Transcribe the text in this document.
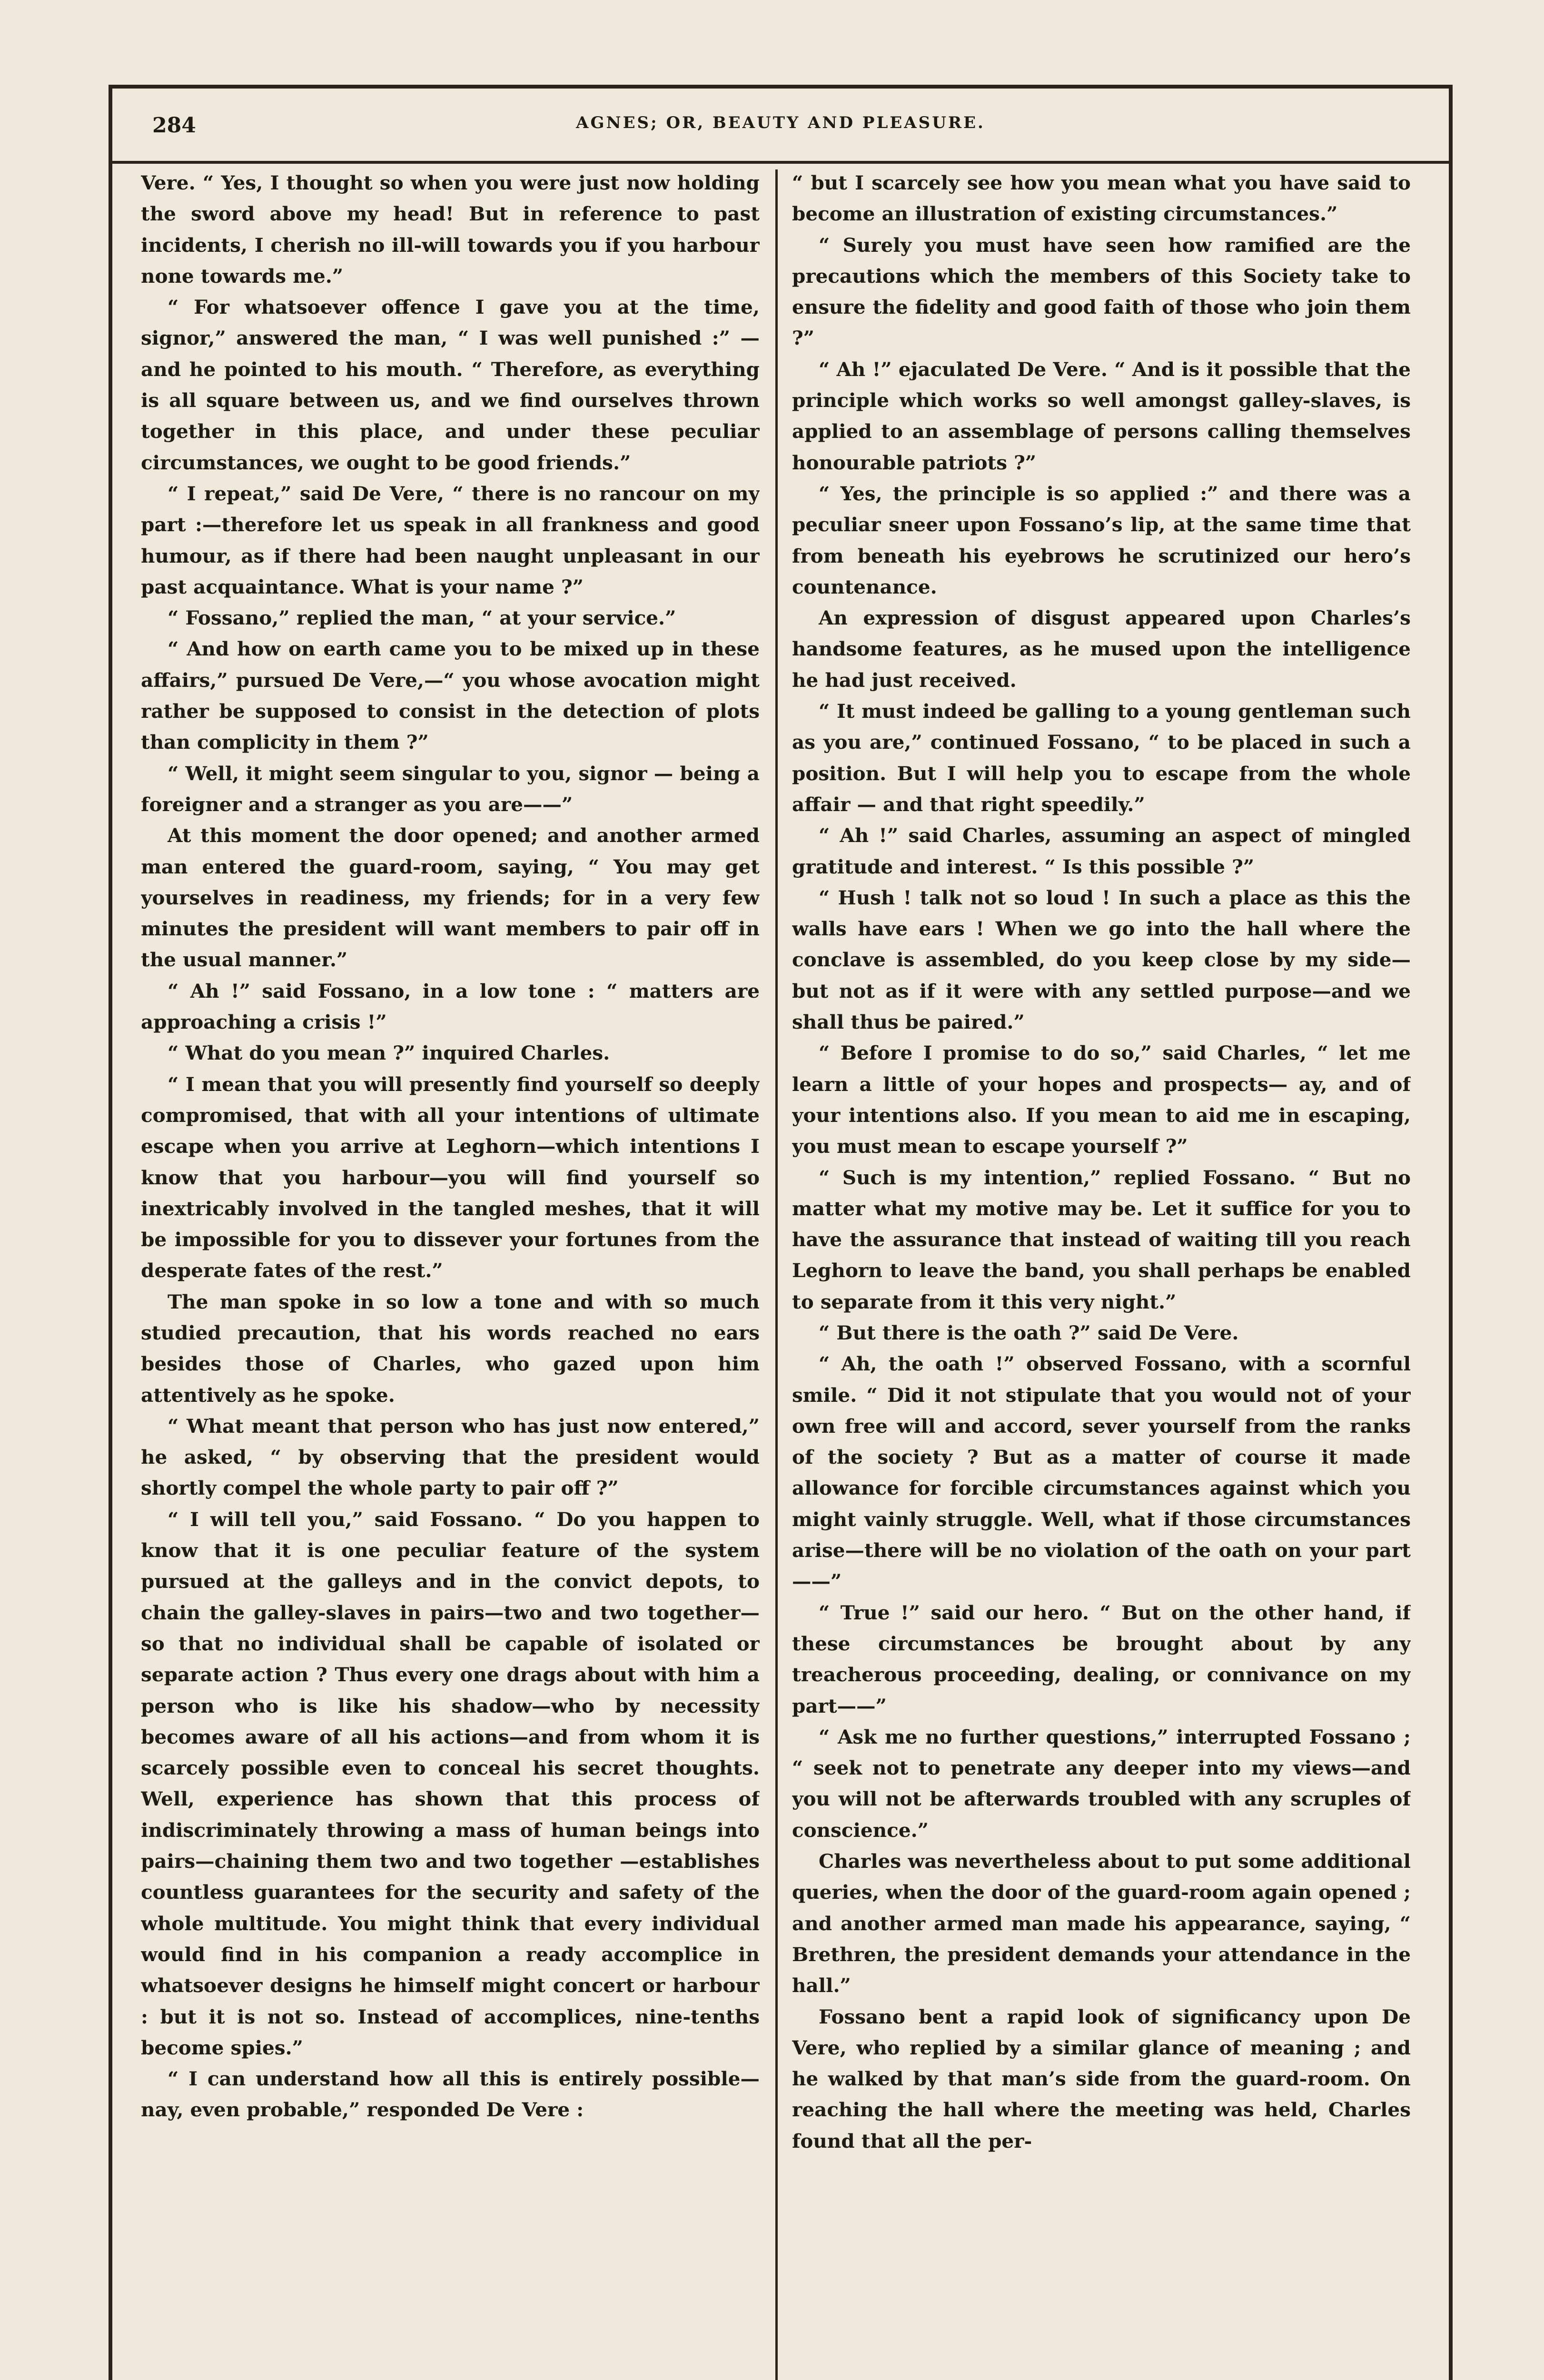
284	AGNES; OR, BEAUTY AND PLEASURE.

Vere. “ Yes, I thought so when you were just now holding the sword above my head! But in reference to past incidents, I cherish no ill-will towards you if you harbour none towards me.”

“ For whatsoever offence I gave you at the time, signor,” answered the man, “ I was well punished :” —and he pointed to his mouth. “ Therefore, as everything is all square between us, and we find ourselves thrown together in this place, and under these peculiar circumstances, we ought to be good friends.”

“ I repeat,” said De Vere, “ there is no rancour on my part :—therefore let us speak in all frankness and good humour, as if there had been naught unpleasant in our past acquaintance. What is your name ?”

“ Fossano,” replied the man, “ at your service.”

“ And how on earth came you to be mixed up in these affairs,” pursued De Vere,—“ you whose avocation might rather be supposed to consist in the detection of plots than complicity in them ?”

“ Well, it might seem singular to you, signor — being a foreigner and a stranger as you are——”

At this moment the door opened; and another armed man entered the guard-room, saying, “ You may get yourselves in readiness, my friends; for in a very few minutes the president will want members to pair off in the usual manner.”

“ Ah !” said Fossano, in a low tone : “ matters are approaching a crisis !”

“ What do you mean ?” inquired Charles.

“ I mean that you will presently find yourself so deeply compromised, that with all your intentions of ultimate escape when you arrive at Leghorn—which intentions I know that you harbour—you will find yourself so inextricably involved in the tangled meshes, that it will be impossible for you to dissever your fortunes from the desperate fates of the rest.”

The man spoke in so low a tone and with so much studied precaution, that his words reached no ears besides those of Charles, who gazed upon him attentively as he spoke.

“ What meant that person who has just now entered,” he asked, “ by observing that the president would shortly compel the whole party to pair off ?”

“ I will tell you,” said Fossano. “ Do you happen to know that it is one peculiar feature of the system pursued at the galleys and in the convict depots, to chain the galley-slaves in pairs—two and two together—so that no individual shall be capable of isolated or separate action ? Thus every one drags about with him a person who is like his shadow—who by necessity becomes aware of all his actions—and from whom it is scarcely possible even to conceal his secret thoughts. Well, experience has shown that this process of indiscriminately throwing a mass of human beings into pairs—chaining them two and two together —establishes countless guarantees for the security and safety of the whole multitude. You might think that every individual would find in his companion a ready accomplice in whatsoever designs he himself might concert or harbour : but it is not so. Instead of accomplices, nine-tenths become spies.”

“ I can understand how all this is entirely possible—nay, even probable,” responded De Vere :

“ but I scarcely see how you mean what you have said to become an illustration of existing circumstances.”

“ Surely you must have seen how ramified are the precautions which the members of this Society take to ensure the fidelity and good faith of those who join them ?”

“ Ah !” ejaculated De Vere. “ And is it possible that the principle which works so well amongst galley-slaves, is applied to an assemblage of persons calling themselves honourable patriots ?”

“ Yes, the principle is so applied :” and there was a peculiar sneer upon Fossano’s lip, at the same time that from beneath his eyebrows he scrutinized our hero’s countenance.

An expression of disgust appeared upon Charles’s handsome features, as he mused upon the intelligence he had just received.

“ It must indeed be galling to a young gentleman such as you are,” continued Fossano, “ to be placed in such a position. But I will help you to escape from the whole affair — and that right speedily.”

“ Ah !” said Charles, assuming an aspect of mingled gratitude and interest. “ Is this possible ?”

“ Hush ! talk not so loud ! In such a place as this the walls have ears ! When we go into the hall where the conclave is assembled, do you keep close by my side—but not as if it were with any settled purpose—and we shall thus be paired.”

“ Before I promise to do so,” said Charles, “ let me learn a little of your hopes and prospects— ay, and of your intentions also. If you mean to aid me in escaping, you must mean to escape yourself ?”

“ Such is my intention,” replied Fossano. “ But no matter what my motive may be. Let it suffice for you to have the assurance that instead of waiting till you reach Leghorn to leave the band, you shall perhaps be enabled to separate from it this very night.”

“ But there is the oath ?” said De Vere.

“ Ah, the oath !” observed Fossano, with a scornful smile. “ Did it not stipulate that you would not of your own free will and accord, sever yourself from the ranks of the society ? But as a matter of course it made allowance for forcible circumstances against which you might vainly struggle. Well, what if those circumstances arise—there will be no violation of the oath on your part——”

“ True !” said our hero. “ But on the other hand, if these circumstances be brought about by any treacherous proceeding, dealing, or connivance on my part——”

“ Ask me no further questions,” interrupted Fossano ; “ seek not to penetrate any deeper into my views—and you will not be afterwards troubled with any scruples of conscience.”

Charles was nevertheless about to put some additional queries, when the door of the guard-room again opened ; and another armed man made his appearance, saying, “ Brethren, the president demands your attendance in the hall.”

Fossano bent a rapid look of significancy upon De Vere, who replied by a similar glance of meaning ; and he walked by that man’s side from the guard-room. On reaching the hall where the meeting was held, Charles found that all the per-
